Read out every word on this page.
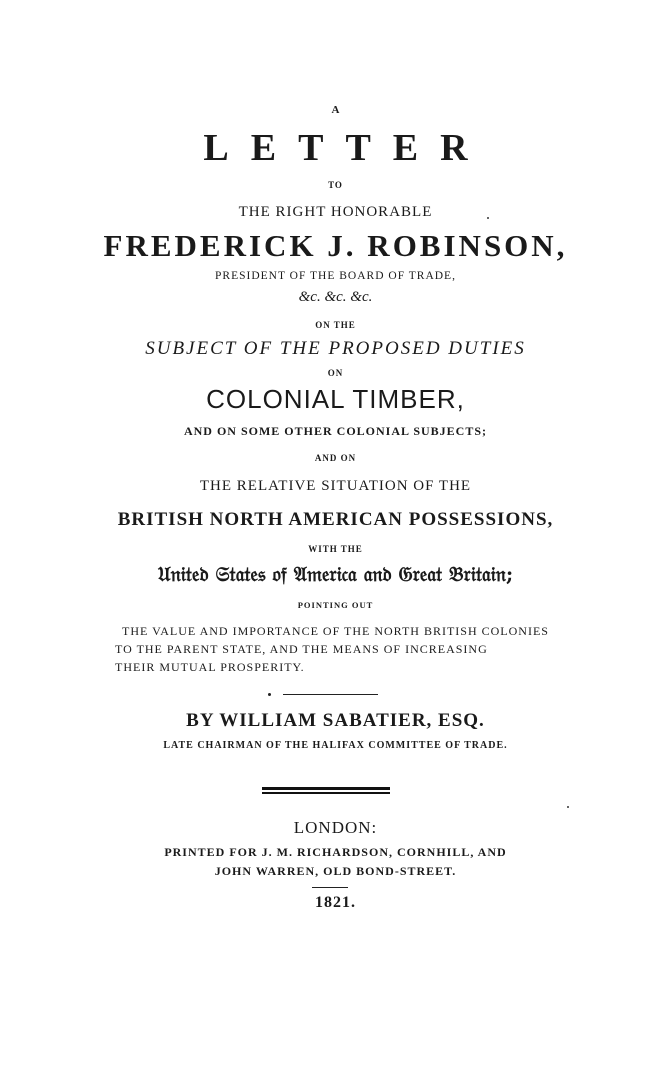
A
LETTER
TO
THE RIGHT HONORABLE
FREDERICK J. ROBINSON,
PRESIDENT OF THE BOARD OF TRADE,
&c. &c. &c.
ON THE
SUBJECT OF THE PROPOSED DUTIES
ON
COLONIAL TIMBER,
AND ON SOME OTHER COLONIAL SUBJECTS;
AND ON
THE RELATIVE SITUATION OF THE
BRITISH NORTH AMERICAN POSSESSIONS,
WITH THE
𝔘𝔫𝔦𝔱𝔢𝔡 𝔖𝔱𝔞𝔱𝔢𝔰 𝔬𝔣 𝔄𝔪𝔢𝔯𝔦𝔠𝔞 𝔞𝔫𝔡 𝔊𝔯𝔢𝔞𝔱 𝔅𝔯𝔦𝔱𝔞𝔦𝔫;
POINTING OUT
THE VALUE AND IMPORTANCE OF THE NORTH BRITISH COLONIES
TO THE PARENT STATE, AND THE MEANS OF INCREASING
THEIR MUTUAL PROSPERITY.
BY WILLIAM SABATIER, ESQ.
LATE CHAIRMAN OF THE HALIFAX COMMITTEE OF TRADE.
LONDON:
PRINTED FOR J. M. RICHARDSON, CORNHILL, AND
JOHN WARREN, OLD BOND-STREET.
1821.
